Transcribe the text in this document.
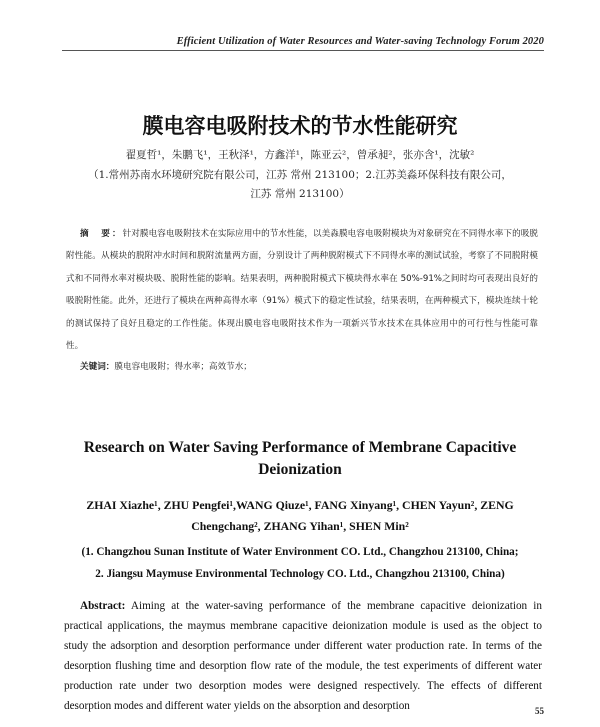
Efficient Utilization of Water Resources and Water-saving Technology Forum 2020
膜电容电吸附技术的节水性能研究
翟夏哲¹，朱鹏飞¹，王秋泽¹，方鑫洋¹，陈亚云²，曾承昶²，张亦含¹，沈敏²
（1.常州苏南水环境研究院有限公司，江苏 常州 213100；2.江苏美淼环保科技有限公司，
江苏 常州 213100）
摘　要：针对膜电容电吸附技术在实际应用中的节水性能，以美淼膜电容电吸附模块为对象研究在不同得水率下的吸脱附性能。从模块的脱附冲水时间和脱附流量两方面，分别设计了两种脱附模式下不同得水率的测试试验，考察了不同脱附模式和不同得水率对模块吸、脱附性能的影响。结果表明，两种脱附模式下模块得水率在 50%-91%之间时均可表现出良好的吸脱附性能。此外，还进行了模块在两种高得水率（91%）模式下的稳定性试验，结果表明，在两种模式下，模块连续十轮的测试保持了良好且稳定的工作性能。体现出膜电容电吸附技术作为一项新兴节水技术在具体应用中的可行性与性能可靠性。
关键词：膜电容电吸附；得水率；高效节水；
Research on Water Saving Performance of Membrane Capacitive Deionization
ZHAI Xiazhe¹, ZHU Pengfei¹,WANG Qiuze¹, FANG Xinyang¹, CHEN Yayun², ZENG
Chengchang², ZHANG Yihan¹, SHEN Min²
(1. Changzhou Sunan Institute of Water Environment CO. Ltd., Changzhou 213100, China;
2. Jiangsu Maymuse Environmental Technology CO. Ltd., Changzhou 213100, China)
Abstract: Aiming at the water-saving performance of the membrane capacitive deionization in practical applications, the maymus membrane capacitive deionization module is used as the object to study the adsorption and desorption performance under different water production rate. In terms of the desorption flushing time and desorption flow rate of the module, the test experiments of different water production rate under two desorption modes were designed respectively. The effects of different desorption modes and different water yields on the absorption and desorption	55
